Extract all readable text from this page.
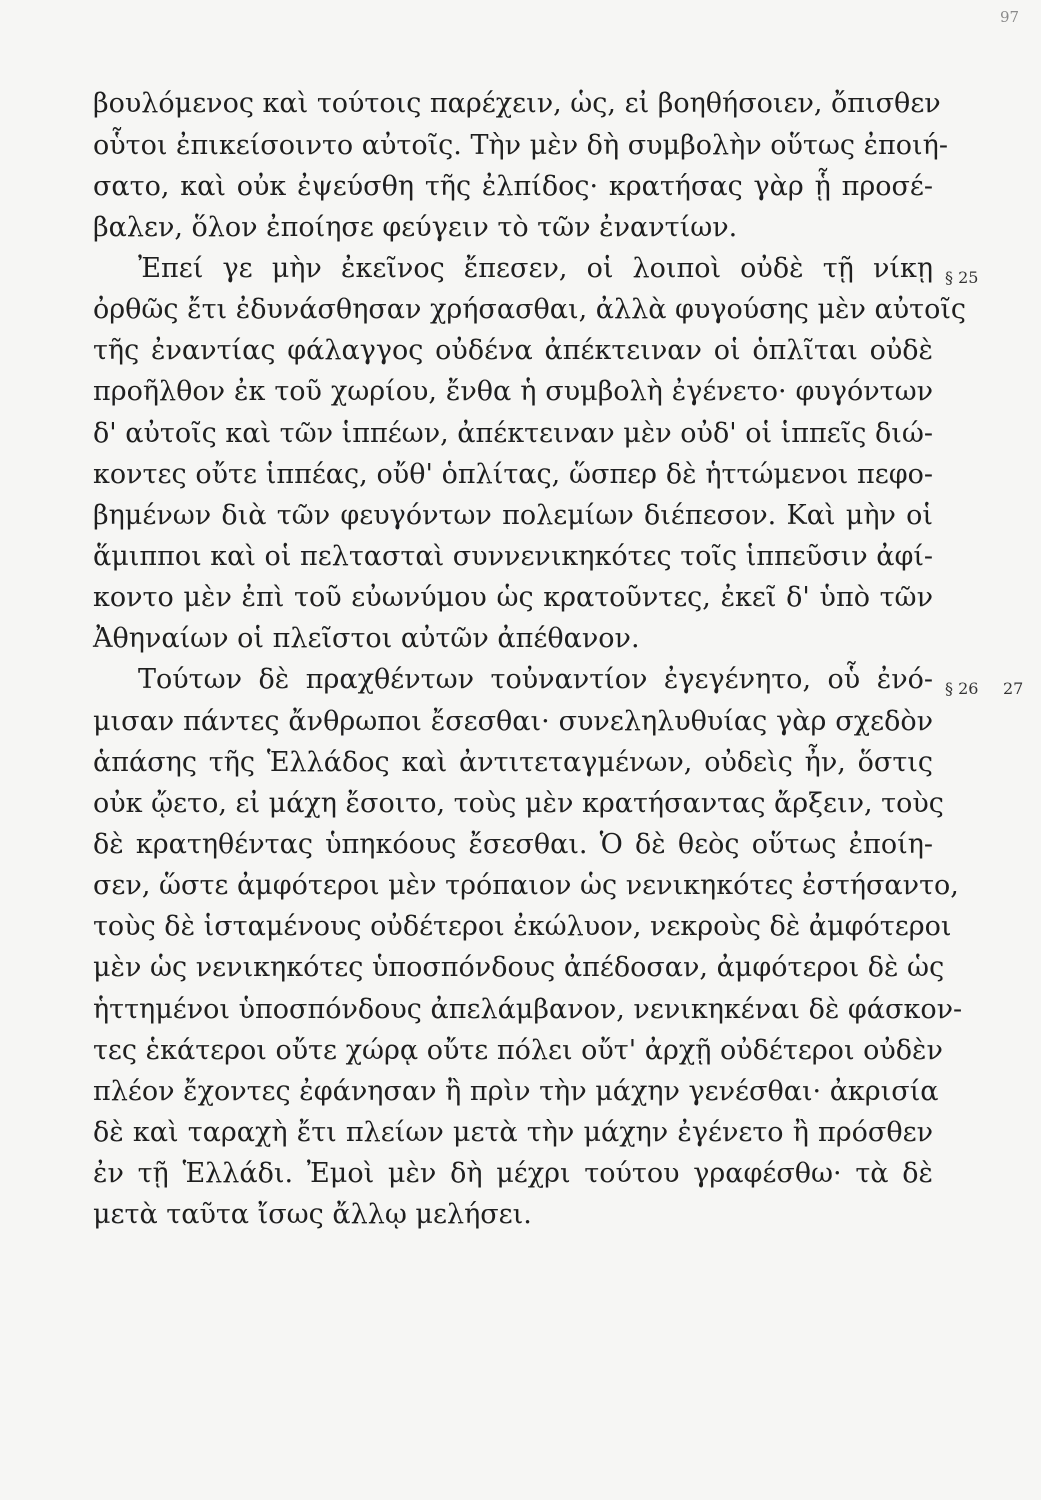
97
βουλόμενος καὶ τούτοις παρέχειν, ὡς, εἰ βοηθήσοιεν, ὄπισθεν
οὗτοι ἐπικείσοιντο αὐτοῖς. Τὴν μὲν δὴ συμβολὴν οὕτως ἐποιή-
σατο, καὶ οὐκ ἐψεύσθη τῆς ἐλπίδος· κρατήσας γὰρ ᾗ προσέ-
βαλεν, ὅλον ἐποίησε φεύγειν τὸ τῶν ἐναντίων.
Ἐπεί γε μὴν ἐκεῖνος ἔπεσεν, οἱ λοιποὶ οὐδὲ τῇ νίκῃ
ὀρθῶς ἔτι ἐδυνάσθησαν χρήσασθαι, ἀλλὰ φυγούσης μὲν αὐτοῖς
τῆς ἐναντίας φάλαγγος οὐδένα ἀπέκτειναν οἱ ὁπλῖται οὐδὲ
προῆλθον ἐκ τοῦ χωρίου, ἔνθα ἡ συμβολὴ ἐγένετο· φυγόντων
δ' αὐτοῖς καὶ τῶν ἱππέων, ἀπέκτειναν μὲν οὐδ' οἱ ἱππεῖς διώ-
κοντες οὔτε ἱππέας, οὔθ' ὁπλίτας, ὥσπερ δὲ ἡττώμενοι πεφο-
βημένων διὰ τῶν φευγόντων πολεμίων διέπεσον. Καὶ μὴν οἱ
ἅμιπποι καὶ οἱ πελτασταὶ συννενικηκότες τοῖς ἱππεῦσιν ἀφί-
κοντο μὲν ἐπὶ τοῦ εὐωνύμου ὡς κρατοῦντες, ἐκεῖ δ' ὑπὸ τῶν
Ἀθηναίων οἱ πλεῖστοι αὐτῶν ἀπέθανον.
Τούτων δὲ πραχθέντων τοὐναντίον ἐγεγένητο, οὗ ἐνό-
μισαν πάντες ἄνθρωποι ἔσεσθαι· συνεληλυθυίας γὰρ σχεδὸν
ἁπάσης τῆς Ἑλλάδος καὶ ἀντιτεταγμένων, οὐδεὶς ἦν, ὅστις
οὐκ ᾤετο, εἰ μάχη ἔσοιτο, τοὺς μὲν κρατήσαντας ἄρξειν, τοὺς
δὲ κρατηθέντας ὑπηκόους ἔσεσθαι. Ὁ δὲ θεὸς οὕτως ἐποίη-
σεν, ὥστε ἀμφότεροι μὲν τρόπαιον ὡς νενικηκότες ἐστήσαντο,
τοὺς δὲ ἱσταμένους οὐδέτεροι ἐκώλυον, νεκροὺς δὲ ἀμφότεροι
μὲν ὡς νενικηκότες ὑποσπόνδους ἀπέδοσαν, ἀμφότεροι δὲ ὡς
ἡττημένοι ὑποσπόνδους ἀπελάμβανον, νενικηκέναι δὲ φάσκον-
τες ἑκάτεροι οὔτε χώρᾳ οὔτε πόλει οὔτ' ἀρχῇ οὐδέτεροι οὐδὲν
πλέον ἔχοντες ἐφάνησαν ἢ πρὶν τὴν μάχην γενέσθαι· ἀκρισία
δὲ καὶ ταραχὴ ἔτι πλείων μετὰ τὴν μάχην ἐγένετο ἢ πρόσθεν
ἐν τῇ Ἑλλάδι. Ἐμοὶ μὲν δὴ μέχρι τούτου γραφέσθω· τὰ δὲ
μετὰ ταῦτα ἴσως ἄλλῳ μελήσει.
§ 25
§ 26 27
